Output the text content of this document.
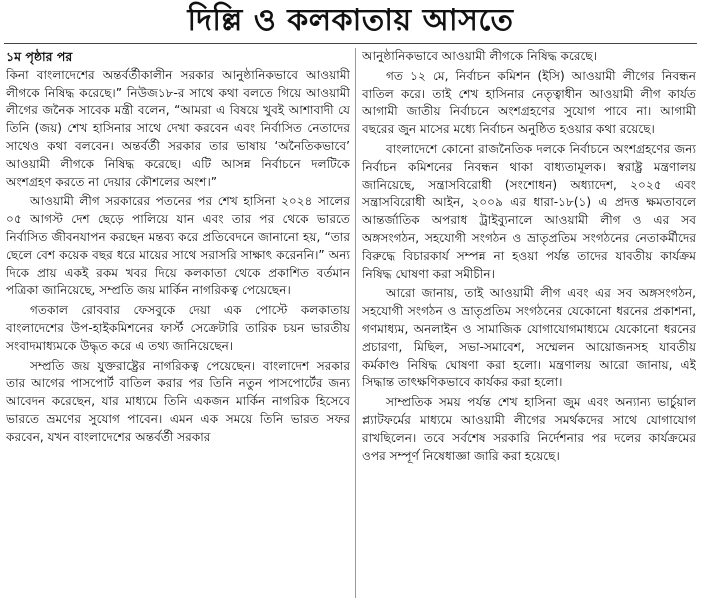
দিল্লি ও কলকাতায় আসতে
১ম পৃষ্ঠার পর

কিনা বাংলাদেশের অন্তর্বর্তীকালীন সরকার আনুষ্ঠানিকভাবে আওয়ামী লীগকে নিষিদ্ধ করেছে।” নিউজ১৮-র সাথে কথা বলতে গিয়ে আওয়ামী লীগের জনৈক সাবেক মন্ত্রী বলেন, “আমরা এ বিষয়ে খুবই আশাবাদী যে তিনি (জয়) শেখ হাসিনার সাথে দেখা করবেন এবং নির্বাসিত নেতাদের সাথেও কথা বলবেন। অন্তর্বর্তী সরকার তার ভাষায় ‘অনৈতিকভাবে’ আওয়ামী লীগকে নিষিদ্ধ করেছে। এটি আসন্ন নির্বাচনে দলটিকে অংশগ্রহণ করতে না দেয়ার কৌশলের অংশ।”

আওয়ামী লীগ সরকারের পতনের পর শেখ হাসিনা ২০২৪ সালের ০৫ আগস্ট দেশ ছেড়ে পালিয়ে যান এবং তার পর থেকে ভারতে নির্বাসিত জীবনযাপন করছেন মন্তব্য করে প্রতিবেদনে জানানো হয়, “তার ছেলে বেশ কয়েক বছর ধরে মায়ের সাথে সরাসরি সাক্ষাৎ করেননি।” অন্য দিকে প্রায় একই রকম খবর দিয়ে কলকাতা থেকে প্রকাশিত বর্তমান পত্রিকা জানিয়েছে, সম্প্রতি জয় মার্কিন নাগরিকত্ব পেয়েছেন।

গতকাল রোববার ফেসবুকে দেয়া এক পোস্টে কলকাতায় বাংলাদেশের উপ-হাইকমিশনের ফার্স্ট সেক্রেটারি তারিক চয়ন ভারতীয় সংবাদমাধ্যমকে উদ্ধৃত করে এ তথ্য জানিয়েছেন।

সম্প্রতি জয় যুক্তরাষ্ট্রের নাগরিকত্ব পেয়েছেন। বাংলাদেশ সরকার তার আগের পাসপোর্ট বাতিল করার পর তিনি নতুন পাসপোর্টের জন্য আবেদন করেছেন, যার মাধ্যমে তিনি একজন মার্কিন নাগরিক হিসেবে ভারতে ভ্রমণের সুযোগ পাবেন। এমন এক সময়ে তিনি ভারত সফর করবেন, যখন বাংলাদেশের অন্তর্বর্তী সরকার

আনুষ্ঠানিকভাবে আওয়ামী লীগকে নিষিদ্ধ করেছে।

গত ১২ মে, নির্বাচন কমিশন (ইসি) আওয়ামী লীগের নিবন্ধন বাতিল করে। তাই শেখ হাসিনার নেতৃত্বাধীন আওয়ামী লীগ কার্যত আগামী জাতীয় নির্বাচনে অংশগ্রহণের সুযোগ পাবে না। আগামী বছরের জুন মাসের মধ্যে নির্বাচন অনুষ্ঠিত হওয়ার কথা রয়েছে।

বাংলাদেশে কোনো রাজনৈতিক দলকে নির্বাচনে অংশগ্রহণের জন্য নির্বাচন কমিশনের নিবন্ধন থাকা বাধ্যতামূলক। স্বরাষ্ট্র মন্ত্রণালয় জানিয়েছে, সন্ত্রাসবিরোধী (সংশোধন) অধ্যাদেশ, ২০২৫ এবং সন্ত্রাসবিরোধী আইন, ২০০৯ এর ধারা-১৮(১) এ প্রদত্ত ক্ষমতাবলে আন্তর্জাতিক অপরাধ ট্রাইব্যুনালে আওয়ামী লীগ ও এর সব অঙ্গসংগঠন, সহযোগী সংগঠন ও ভ্রাতৃপ্রতিম সংগঠনের নেতাকর্মীদের বিরুদ্ধে বিচারকার্য সম্পন্ন না হওয়া পর্যন্ত তাদের যাবতীয় কার্যক্রম নিষিদ্ধ ঘোষণা করা সমীচীন।

আরো জানায়, তাই আওয়ামী লীগ এবং এর সব অঙ্গসংগঠন, সহযোগী সংগঠন ও ভ্রাতৃপ্রতিম সংগঠনের যেকোনো ধরনের প্রকাশনা, গণমাধ্যম, অনলাইন ও সামাজিক যোগাযোগমাধ্যমে যেকোনো ধরনের প্রচারণা, মিছিল, সভা-সমাবেশ, সম্মেলন আয়োজনসহ যাবতীয় কর্মকাণ্ড নিষিদ্ধ ঘোষণা করা হলো। মন্ত্রণালয় আরো জানায়, এই সিদ্ধান্ত তাৎক্ষণিকভাবে কার্যকর করা হলো।

সাম্প্রতিক সময় পর্যন্ত শেখ হাসিনা জুম এবং অন্যান্য ভার্চুয়াল প্ল্যাটফর্মের মাধ্যমে আওয়ামী লীগের সমর্থকদের সাথে যোগাযোগ রাখছিলেন। তবে সর্বশেষ সরকারি নির্দেশনার পর দলের কার্যক্রমের ওপর সম্পূর্ণ নিষেধাজ্ঞা জারি করা হয়েছে।
